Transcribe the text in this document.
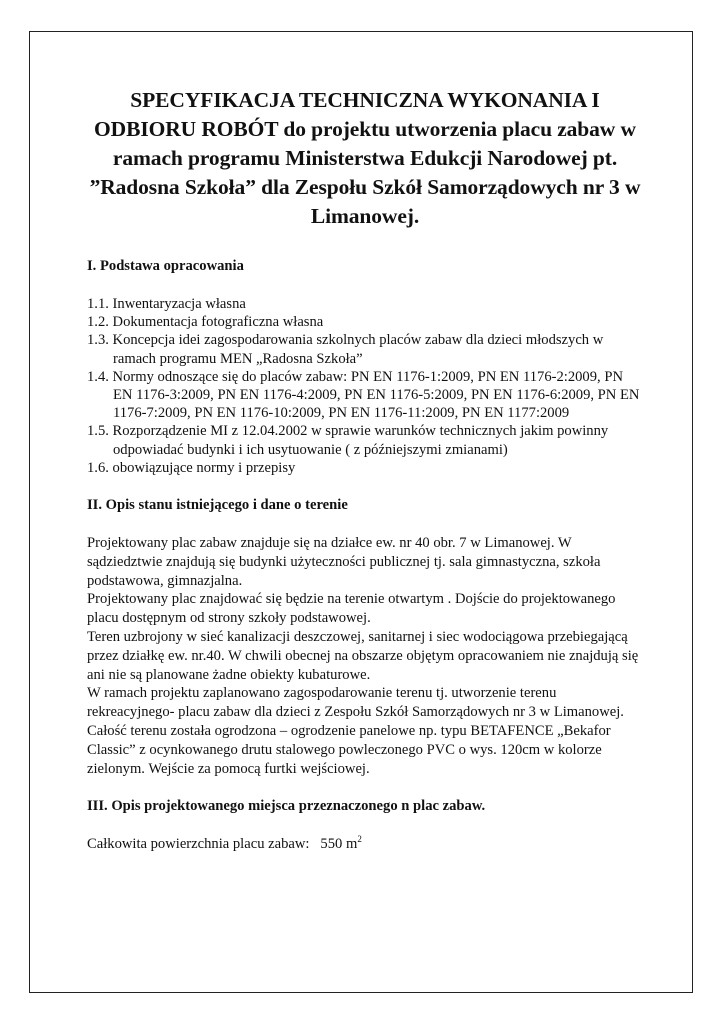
SPECYFIKACJA TECHNICZNA WYKONANIA I ODBIORU ROBÓT do projektu utworzenia placu zabaw w ramach programu Ministerstwa Edukcji Narodowej pt. ”Radosna Szkoła” dla Zespołu Szkół Samorządowych nr 3 w Limanowej.
I. Podstawa opracowania

1.1. Inwentaryzacja własna

1.2. Dokumentacja fotograficzna własna

1.3. Koncepcja idei zagospodarowania szkolnych placów zabaw dla dzieci młodszych w ramach programu MEN „Radosna Szkoła”

1.4. Normy odnoszące się do placów zabaw: PN EN 1176-1:2009, PN EN 1176-2:2009, PN EN 1176-3:2009, PN EN 1176-4:2009, PN EN 1176-5:2009, PN EN 1176-6:2009, PN EN 1176-7:2009, PN EN 1176-10:2009, PN EN 1176-11:2009, PN EN 1177:2009

1.5. Rozporządzenie MI z 12.04.2002 w sprawie warunków technicznych jakim powinny odpowiadać budynki i ich usytuowanie ( z późniejszymi zmianami)

1.6. obowiązujące normy i przepisy

II. Opis stanu istniejącego i dane o terenie

Projektowany plac zabaw znajduje się na działce ew. nr 40 obr. 7 w Limanowej. W sądziedztwie znajdują się budynki użyteczności publicznej tj. sala gimnastyczna, szkoła podstawowa, gimnazjalna.

Projektowany plac znajdować się będzie na terenie otwartym . Dojście do projektowanego placu dostępnym od strony szkoły podstawowej.

Teren uzbrojony w sieć kanalizacji deszczowej, sanitarnej i siec wodociągowa przebiegającą przez działkę ew. nr.40. W chwili obecnej na obszarze objętym opracowaniem nie znajdują się ani nie są planowane żadne obiekty kubaturowe.

W ramach projektu zaplanowano zagospodarowanie terenu tj. utworzenie terenu rekreacyjnego- placu zabaw dla dzieci z Zespołu Szkół Samorządowych nr 3 w Limanowej.

Całość terenu została ogrodzona – ogrodzenie panelowe np. typu BETAFENCE „Bekafor Classic” z ocynkowanego drutu stalowego powleczonego PVC o wys. 120cm w kolorze zielonym. Wejście za pomocą furtki wejściowej.

III. Opis projektowanego miejsca przeznaczonego n plac zabaw.

Całkowita powierzchnia placu zabaw: 550 $m^2$
